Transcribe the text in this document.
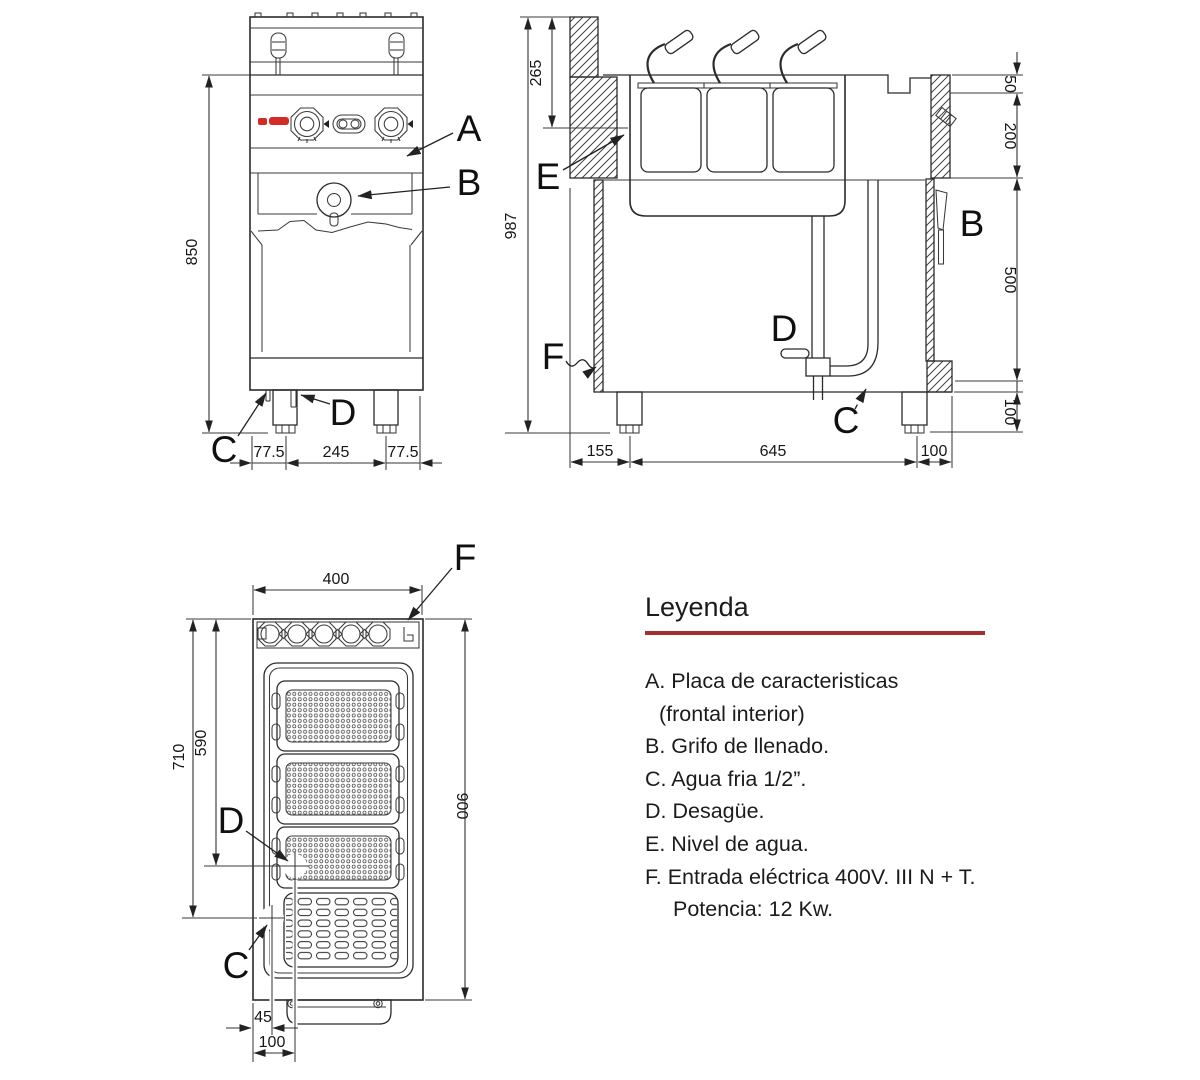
850
77.5 245 77.5
A
B
C
D
987
265	50
200
500
100
155	645	100
E
F
B
D
C
400
590
710
900
45
100
F
D
C
Leyenda
A. Placa de caracteristicas
(frontal interior)
B. Grifo de llenado.
C. Agua fria 1/2”.
D. Desagüe.
E. Nivel de agua.
F. Entrada eléctrica 400V. III N + T.
Potencia: 12 Kw.
